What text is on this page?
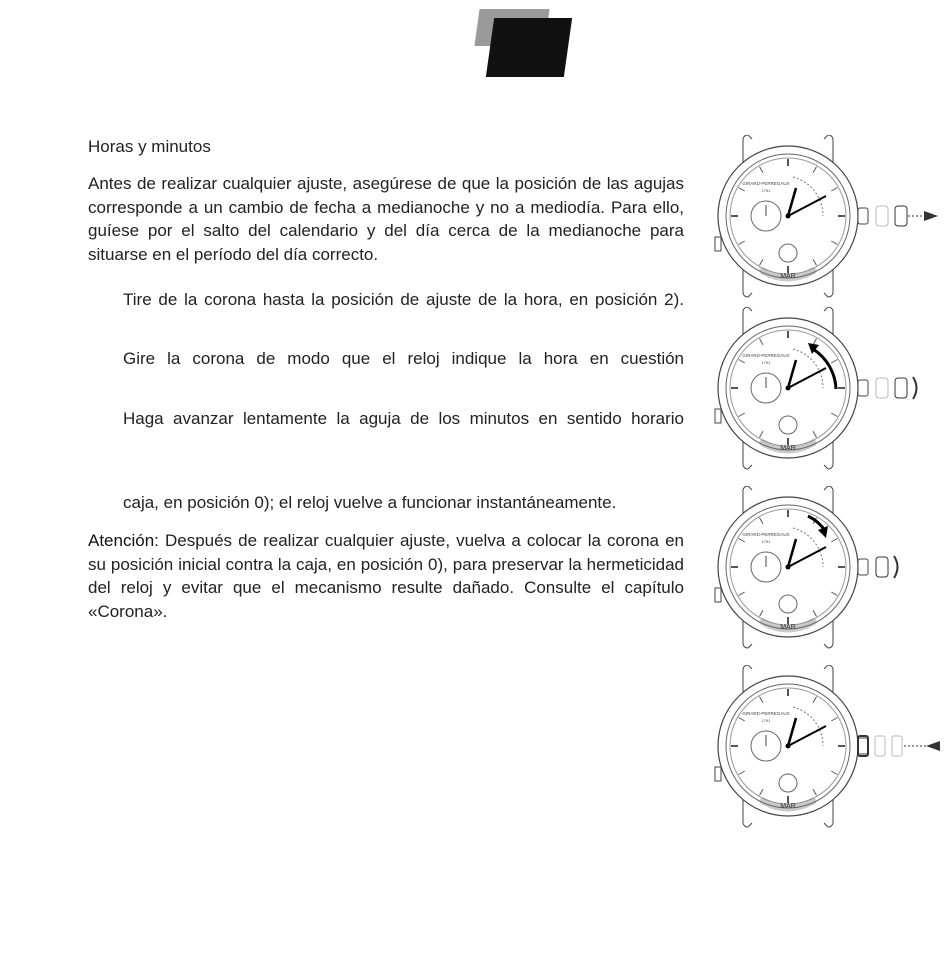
Horas y minutos
Antes de realizar cualquier ajuste, asegúrese de que la posición de las agujas corresponde a un cambio de fecha a medianoche y no a mediodía. Para ello, guíese por el salto del calendario y del día cerca de la medianoche para situarse en el período del día correcto.
Tire de la corona hasta la posición de ajuste de la hora, en posición 2).
Gire la corona de modo que el reloj indique la hora en cuestión
Haga avanzar lentamente la aguja de los minutos en sentido horario
caja, en posición 0); el reloj vuelve a funcionar instantáneamente.
Atención: Después de realizar cualquier ajuste, vuelva a colocar la corona en su posición inicial contra la caja, en posición 0), para preservar la hermeticidad del reloj y evitar que el mecanismo resulte dañado. Consulte el capítulo «Corona».
MAR
GIRARD-PERREGAUX
1791
MAR
GIRARD-PERREGAUX
1791
MAR
GIRARD-PERREGAUX
1791
MAR
GIRARD-PERREGAUX
1791
